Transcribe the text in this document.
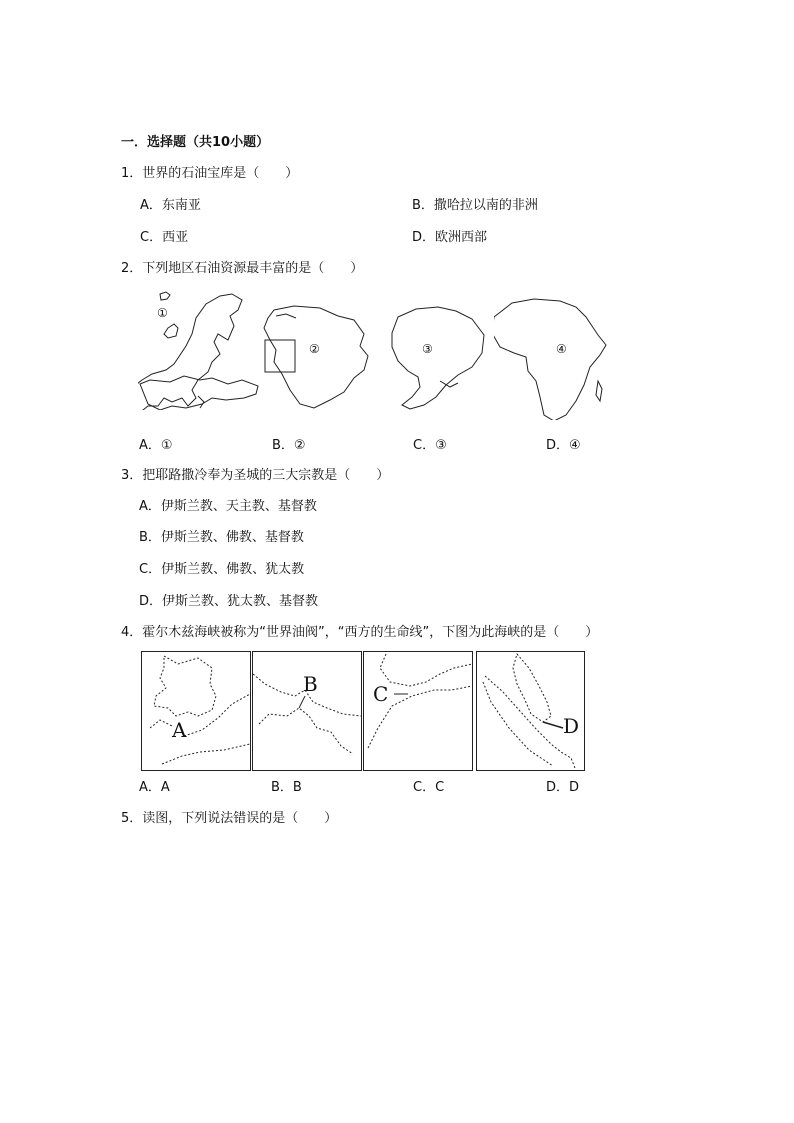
一．选择题（共10小题）
1．世界的石油宝库是（　　）
A．东南亚	B．撒哈拉以南的非洲
C．西亚	D．欧洲西部
2．下列地区石油资源最丰富的是（　　）
①
②	③	④
A．①	B．②	C．③	D．④
3．把耶路撒冷奉为圣城的三大宗教是（　　）
A．伊斯兰教、天主教、基督教
B．伊斯兰教、佛教、基督教
C．伊斯兰教、佛教、犹太教
D．伊斯兰教、犹太教、基督教
4．霍尔木兹海峡被称为“世界油阀”，“西方的生命线”，下图为此海峡的是（　　）
A
B	C
D
A．A	B．B	C．C	D．D
5．读图，下列说法错误的是（　　）
